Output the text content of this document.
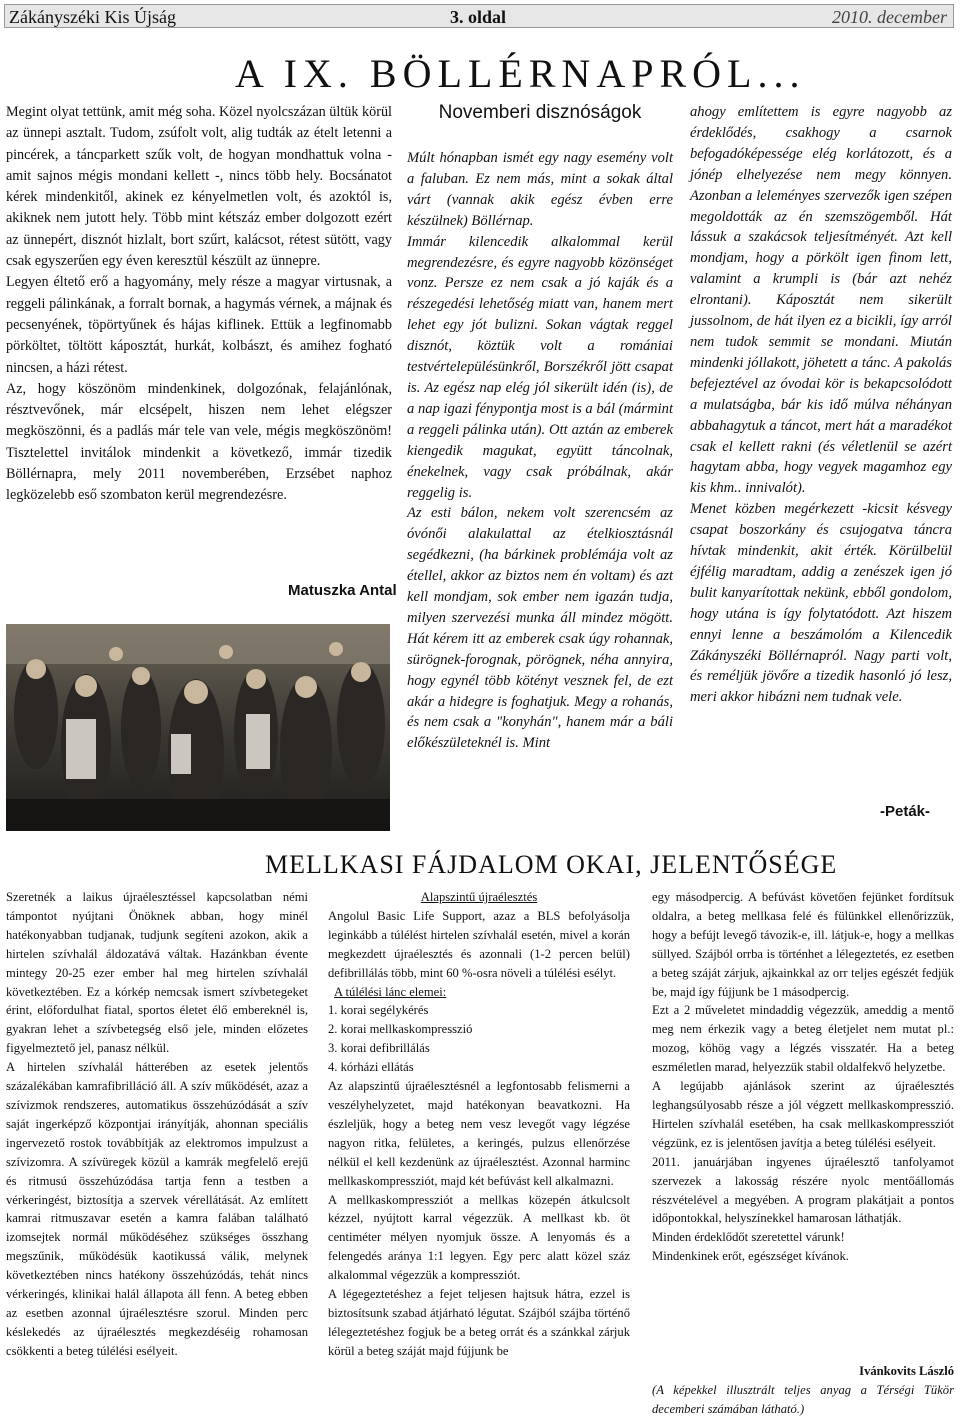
Zákányszéki Kis Újság	3. oldal	2010. december
A IX. BÖLLÉRNAPRÓL...

Megint olyat tettünk, amit még soha. Közel nyolcszázan ültük körül az ünnepi asztalt. Tudom, zsúfolt volt, alig tudták az ételt letenni a pincérek, a táncparkett szűk volt, de hogyan mondhattuk volna - amit sajnos mégis mondani kellett -, nincs több hely. Bocsánatot kérek mindenkitől, akinek ez kényelmetlen volt, és azoktól is, akiknek nem jutott hely. Több mint kétszáz ember dolgozott ezért az ünnepért, disznót hizlalt, bort szűrt, kalácsot, rétest sütött, vagy csak egyszerűen egy éven keresztül készült az ünnepre.

Legyen éltető erő a hagyomány, mely része a magyar virtusnak, a reggeli pálinkának, a forralt bornak, a hagymás vérnek, a májnak és pecsenyének, töpörtyűnek és hájas kiflinek. Ettük a legfinomabb pörköltet, töltött káposztát, hurkát, kolbászt, és amihez fogható nincsen, a házi rétest.

Az, hogy köszönöm mindenkinek, dolgozónak, felajánlónak, résztvevőnek, már elcsépelt, hiszen nem lehet elégszer megköszönni, és a padlás már tele van vele, mégis megköszönöm! Tisztelettel invitálok mindenkit a következő, immár tizedik Böllérnapra, mely 2011 novemberében, Erzsébet naphoz legközelebb eső szombaton kerül megrendezésre.

Matuszka Antal
Novemberi disznóságok

Múlt hónapban ismét egy nagy esemény volt a faluban. Ez nem más, mint a sokak által várt (vannak akik egész évben erre készülnek) Böllérnap.

Immár kilencedik alkalommal kerül megrendezésre, és egyre nagyobb közönséget vonz. Persze ez nem csak a jó kaják és a részegedési lehetőség miatt van, hanem mert lehet egy jót bulizni. Sokan vágtak reggel disznót, köztük volt a romániai testvértelepülésünkről, Borszékről jött csapat is. Az egész nap elég jól sikerült idén (is), de a nap igazi fénypontja most is a bál (mármint a reggeli pálinka után). Ott aztán az emberek kiengedik magukat, együtt táncolnak, énekelnek, vagy csak próbálnak, akár reggelig is.

Az esti bálon, nekem volt szerencsém az óvónői alakulattal az ételkiosztásnál segédkezni, (ha bárkinek problémája volt az étellel, akkor az biztos nem én voltam) és azt kell mondjam, sok ember nem igazán tudja, milyen szervezési munka áll mindez mögött. Hát kérem itt az emberek csak úgy rohannak, sürögnek-forognak, pörögnek, néha annyira, hogy egynél több kötényt vesznek fel, de ezt akár a hidegre is foghatjuk. Megy a rohanás, és nem csak a "konyhán", hanem már a báli előkészületeknél is. Mint

ahogy említettem is egyre nagyobb az érdeklődés, csakhogy a csarnok befogadóképessége elég korlátozott, és a jónép elhelyezése nem megy könnyen. Azonban a leleményes szervezők igen szépen megoldották az én szemszögemből. Hát lássuk a szakácsok teljesítményét. Azt kell mondjam, hogy a pörkölt igen finom lett, valamint a krumpli is (bár azt nehéz elrontani). Káposztát nem sikerült jussolnom, de hát ilyen ez a bicikli, így arról nem tudok semmit se mondani. Miután mindenki jóllakott, jöhetett a tánc. A pakolás befejeztével az óvodai kör is bekapcsolódott a mulatságba, bár kis idő múlva néhányan abbahagytuk a táncot, mert hát a maradékot csak el kellett rakni (és véletlenül se azért hagytam abba, hogy vegyek magamhoz egy kis khm.. innivalót).

Menet közben megérkezett -kicsit késvegy csapat boszorkány és csujogatva táncra hívtak mindenkit, akit érték. Körülbelül éjfélig maradtam, addig a zenészek igen jó bulit kanyarítottak nekünk, ebből gondolom, hogy utána is így folytatódott. Azt hiszem ennyi lenne a beszámolóm a Kilencedik Zákányszéki Böllérnapról. Nagy parti volt, és reméljük jövőre a tizedik hasonló jó lesz, meri akkor hibázni nem tudnak vele.

-Peták-
MELLKASI FÁJDALOM OKAI, JELENTŐSÉGE

Szeretnék a laikus újraélesztéssel kapcsolatban némi támpontot nyújtani Önöknek abban, hogy minél hatékonyabban tudjanak, tudjunk segíteni azokon, akik a hirtelen szívhalál áldozatává váltak. Hazánkban évente mintegy 20-25 ezer ember hal meg hirtelen szívhalál következtében. Ez a kórkép nemcsak ismert szívbetegeket érint, előfordulhat fiatal, sportos életet élő embereknél is, gyakran lehet a szívbetegség első jele, minden előzetes figyelmeztető jel, panasz nélkül.

A hirtelen szívhalál hátterében az esetek jelentős százalékában kamrafibrilláció áll. A szív működését, azaz a szívizmok rendszeres, automatikus összehúzódását a szív saját ingerképző központjai irányítják, ahonnan speciális ingervezető rostok továbbítják az elektromos impulzust a szívizomra. A szívüregek közül a kamrák megfelelő erejű és ritmusú összehúzódása tartja fenn a testben a vérkeringést, biztosítja a szervek vérellátását. Az említett kamrai ritmuszavar esetén a kamra falában található izomsejtek normál működéséhez szükséges összhang megszűnik, működésük kaotikussá válik, melynek következtében nincs hatékony összehúzódás, tehát nincs vérkeringés, klinikai halál állapota áll fenn. A beteg ebben az esetben azonnal újraélesztésre szorul. Minden perc késlekedés az újraélesztés megkezdéséig rohamosan csökkenti a beteg túlélési esélyeit.

Alapszintű újraélesztés

Angolul Basic Life Support, azaz a BLS befolyásolja leginkább a túlélést hirtelen szívhalál esetén, mivel a korán megkezdett újraélesztés és azonnali (1-2 percen belül) defibrillálás több, mint 60 %-osra növeli a túlélési esélyt.

A túlélési lánc elemei:

1. korai segélykérés

2. korai mellkaskompresszió

3. korai defibrillálás

4. kórházi ellátás

Az alapszintű újraélesztésnél a legfontosabb felismerni a veszélyhelyzetet, majd hatékonyan beavatkozni. Ha észleljük, hogy a beteg nem vesz levegőt vagy légzése nagyon ritka, felületes, a keringés, pulzus ellenőrzése nélkül el kell kezdenünk az újraélesztést. Azonnal harminc mellkaskompressziót, majd két befúvást kell alkalmazni.

A mellkaskompressziót a mellkas közepén átkulcsolt kézzel, nyújtott karral végezzük. A mellkast kb. öt centiméter mélyen nyomjuk össze. A lenyomás és a felengedés aránya 1:1 legyen. Egy perc alatt közel száz alkalommal végezzük a kompressziót.

A légegeztetéshez a fejet teljesen hajtsuk hátra, ezzel is biztosítsunk szabad átjárható légutat. Szájból szájba történő lélegeztetéshez fogjuk be a beteg orrát és a szánkkal zárjuk körül a beteg száját majd fújjunk be

egy másodpercig. A befúvást követően fejünket fordítsuk oldalra, a beteg mellkasa felé és fülünkkel ellenőrizzük, hogy a befújt levegő távozik-e, ill. látjuk-e, hogy a mellkas süllyed. Szájból orrba is történhet a lélegeztetés, ez esetben a beteg száját zárjuk, ajkainkkal az orr teljes egészét fedjük be, majd így fújjunk be 1 másodpercig.

Ezt a 2 műveletet mindaddig végezzük, ameddig a mentő meg nem érkezik vagy a beteg életjelet nem mutat pl.: mozog, köhög vagy a légzés visszatér. Ha a beteg eszméletlen marad, helyezzük stabil oldalfekvő helyzetbe.

A legújabb ajánlások szerint az újraélesztés leghangsúlyosabb része a jól végzett mellkaskompresszió. Hirtelen szívhalál esetében, ha csak mellkaskompressziót végzünk, ez is jelentősen javítja a beteg túlélési esélyeit.

2011. januárjában ingyenes újraélesztő tanfolyamot szervezek a lakosság részére nyolc mentőállomás részvételével a megyében. A program plakátjait a pontos időpontokkal, helyszínekkel hamarosan láthatják.

Minden érdeklődőt szeretettel várunk!

Mindenkinek erőt, egészséget kívánok.

Ivánkovits László

(A képekkel illusztrált teljes anyag a Térségi Tükör decemberi számában látható.)
